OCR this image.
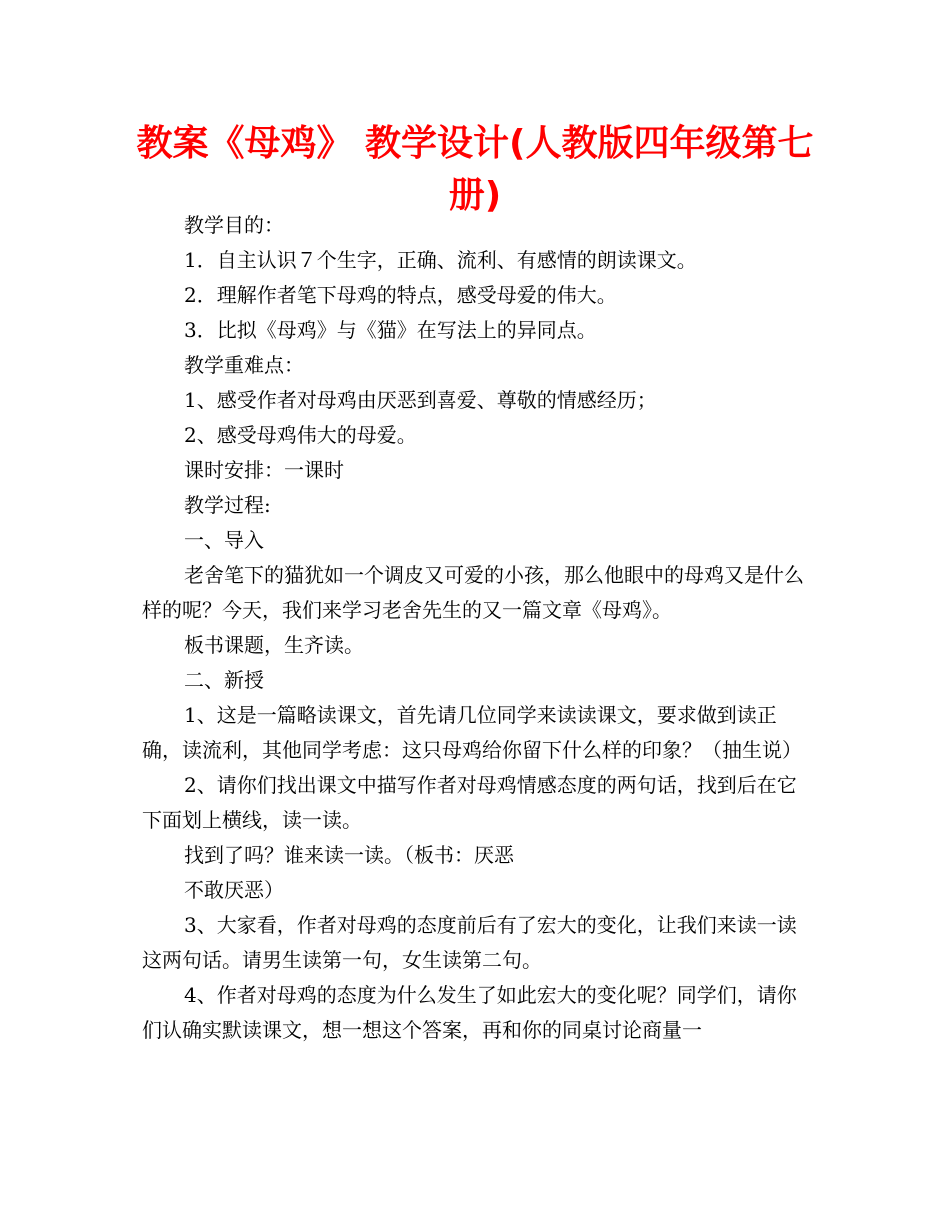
教案《母鸡》 教学设计(人教版四年级第七册)

教学目的：

1．自主认识７个生字，正确、流利、有感情的朗读课文。

2．理解作者笔下母鸡的特点，感受母爱的伟大。

3．比拟《母鸡》与《猫》在写法上的异同点。

教学重难点：

1、感受作者对母鸡由厌恶到喜爱、尊敬的情感经历；

2、感受母鸡伟大的母爱。

课时安排：一课时

教学过程:

一、导入

老舍笔下的猫犹如一个调皮又可爱的小孩，那么他眼中的母鸡又是什么样的呢？今天，我们来学习老舍先生的又一篇文章《母鸡》。

板书课题，生齐读。

二、新授

1、这是一篇略读课文，首先请几位同学来读读课文，要求做到读正确，读流利，其他同学考虑：这只母鸡给你留下什么样的印象？（抽生说）

2、请你们找出课文中描写作者对母鸡情感态度的两句话，找到后在它下面划上横线，读一读。

找到了吗？谁来读一读。（板书：厌恶

不敢厌恶）

3、大家看，作者对母鸡的态度前后有了宏大的变化，让我们来读一读这两句话。请男生读第一句，女生读第二句。

4、作者对母鸡的态度为什么发生了如此宏大的变化呢？同学们，请你们认确实默读课文，想一想这个答案，再和你的同桌讨论商量一
